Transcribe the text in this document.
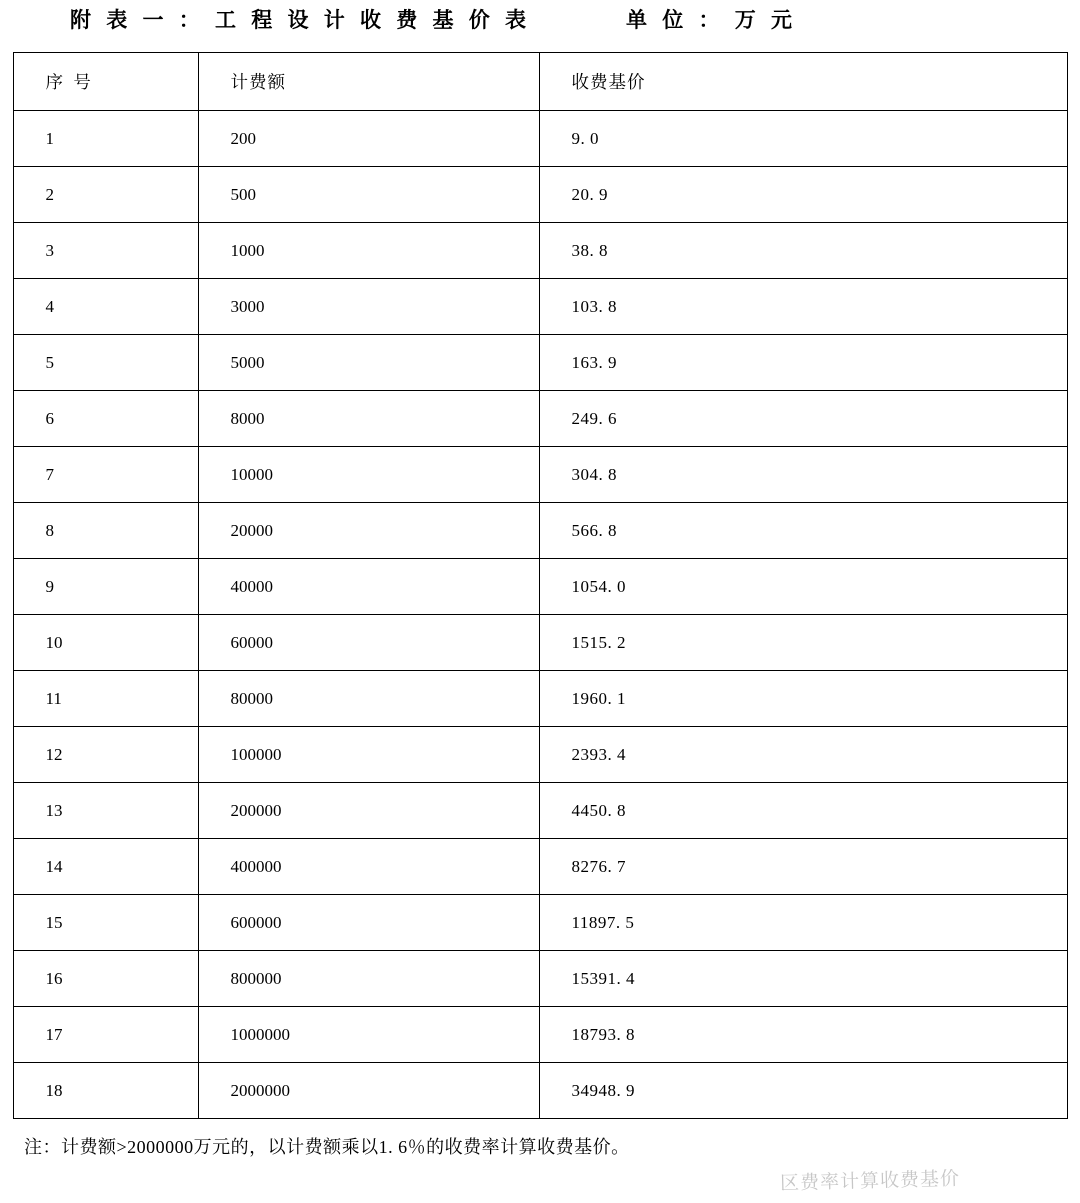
附 表 一 ： 工 程 设 计 收 费 基 价 表	单 位 ： 万 元
序 号	计费额	收费基价
1	200	9. 0
2	500	20. 9
3	1000	38. 8
4	3000	103. 8
5	5000	163. 9
6	8000	249. 6
7	10000	304. 8
8	20000	566. 8
9	40000	1054. 0
10	60000	1515. 2
11	80000	1960. 1
12	100000	2393. 4
13	200000	4450. 8
14	400000	8276. 7
15	600000	11897. 5
16	800000	15391. 4
17	1000000	18793. 8
18	2000000	34948. 9
注：计费额>2000000万元的，以计费额乘以1. 6％的收费率计算收费基价。
区费率计算收费基价
